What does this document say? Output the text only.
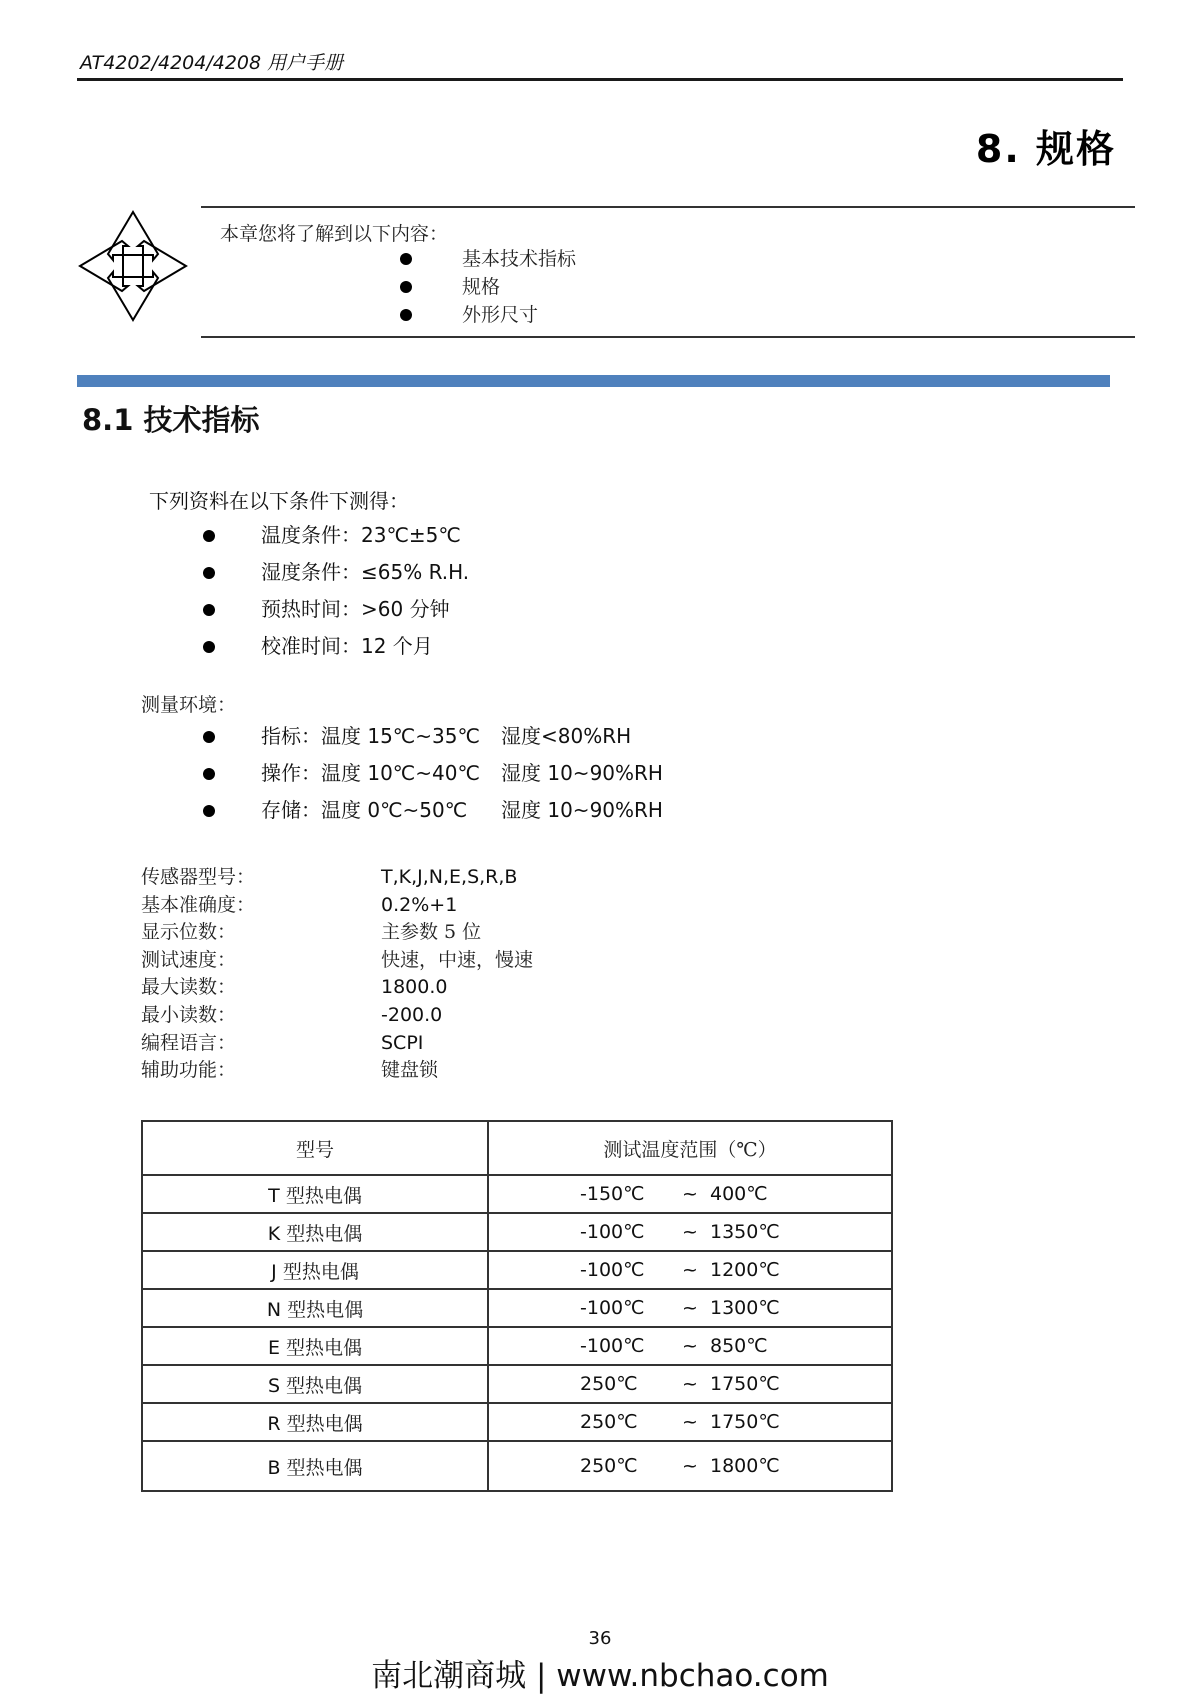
AT4202/4204/4208 用户手册
8. 规格
本章您将了解到以下内容：
基本技术指标
规格
外形尺寸
8.1 技术指标
下列资料在以下条件下测得：
温度条件：23℃±5℃
湿度条件：≤65% R.H.
预热时间：>60 分钟
校准时间：12 个月
测量环境：
指标：温度 15℃~35℃	湿度<80%RH
操作：温度 10℃~40℃	湿度 10~90%RH
存储：温度 0℃~50℃	湿度 10~90%RH
传感器型号：	T,K,J,N,E,S,R,B
基本准确度：	0.2%+1
显示位数：	主参数 5 位
测试速度：	快速，中速，慢速
最大读数：	1800.0
最小读数：	-200.0
编程语言：	SCPI
辅助功能：	键盘锁
型号	测试温度范围（℃）
T 型热电偶	-150℃ ~ 400℃

K 型热电偶	-100℃ ~ 1350℃

J 型热电偶	-100℃ ~ 1200℃

N 型热电偶	-100℃ ~ 1300℃

E 型热电偶	-100℃ ~ 850℃

S 型热电偶	250℃ ~ 1750℃

R 型热电偶	250℃ ~ 1750℃

B 型热电偶	250℃ ~ 1800℃
36
南北潮商城 | www.nbchao.com
